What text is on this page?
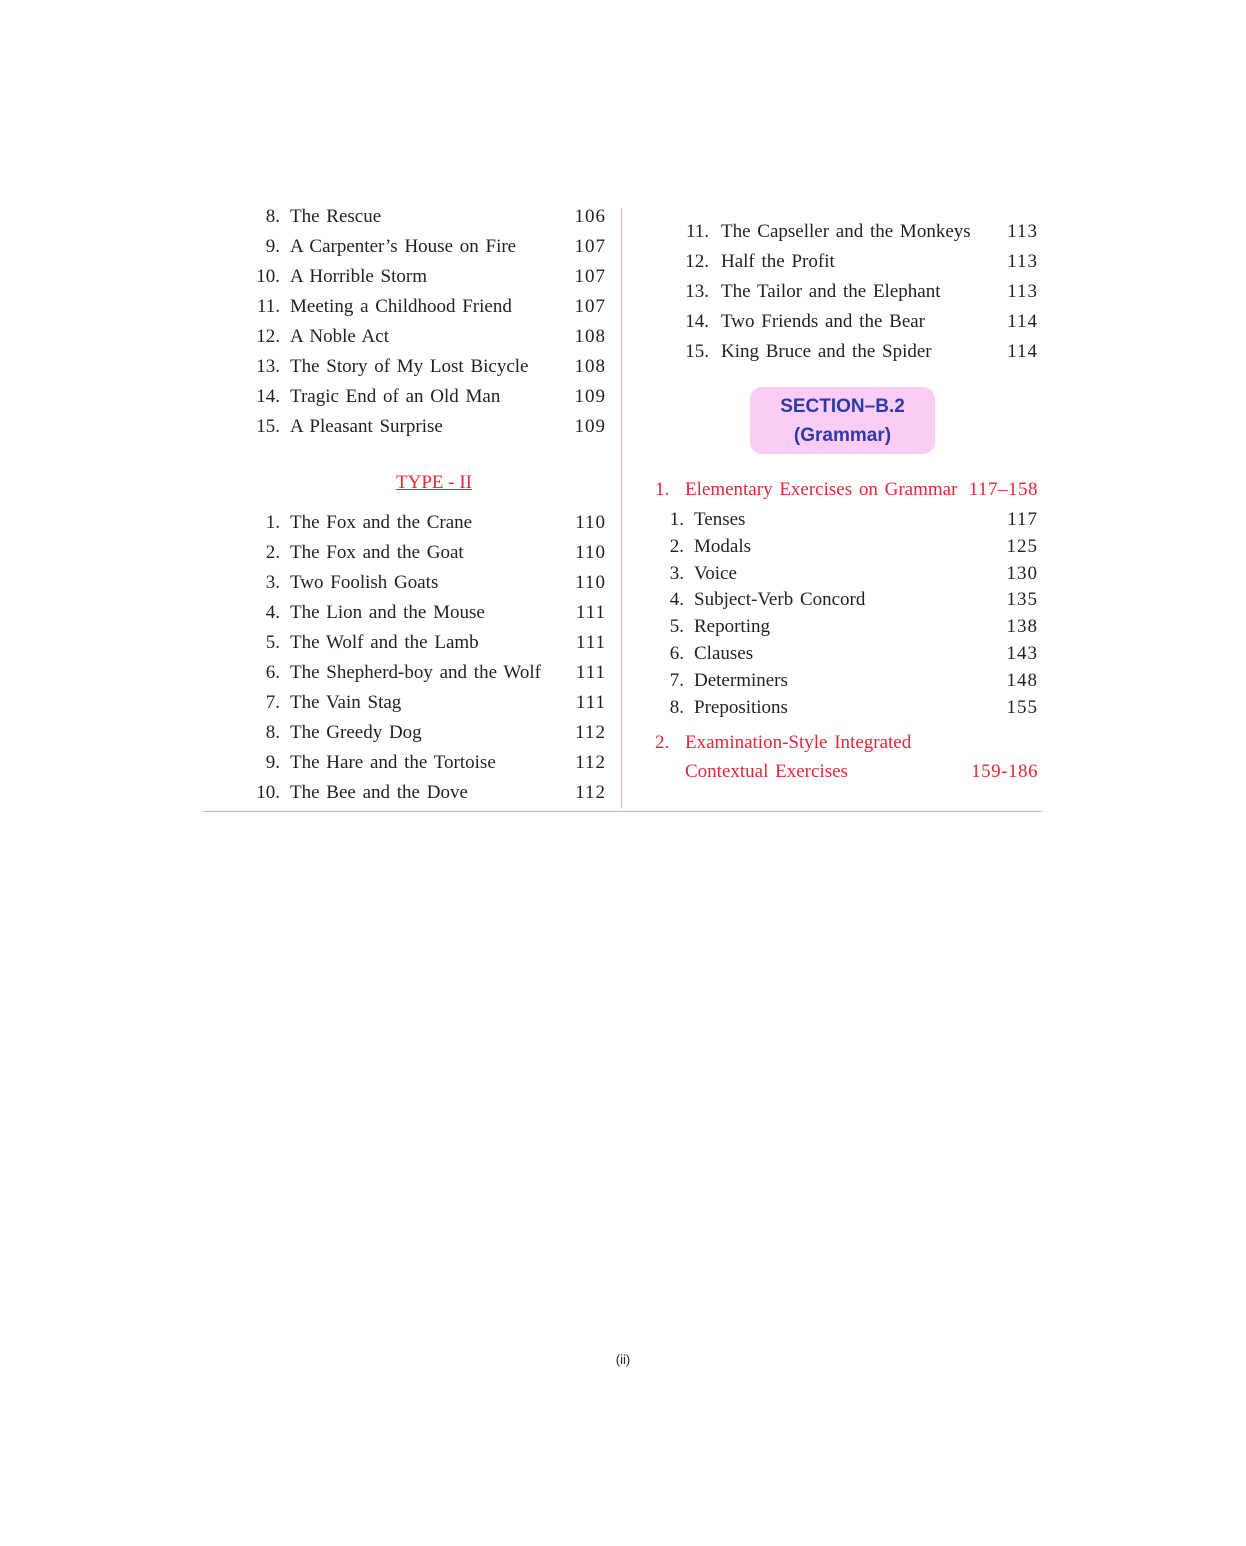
8. The Rescue	106
9. A Carpenter’s House on Fire	107
10. A Horrible Storm	107
11. Meeting a Childhood Friend	107
12. A Noble Act	108
13. The Story of My Lost Bicycle 108
14. Tragic End of an Old Man	109
15. A Pleasant Surprise	109
TYPE - II
1. The Fox and the Crane	110
2. The Fox and the Goat	110
3. Two Foolish Goats	110
4. The Lion and the Mouse	111
5. The Wolf and the Lamb	111
6. The Shepherd-boy and the Wolf 111
7. The Vain Stag	111
8. The Greedy Dog	112
9. The Hare and the Tortoise	112
10. The Bee and the Dove	112
11. The Capseller and the Monkeys 113
12. Half the Profit	113
13. The Tailor and the Elephant	113
14. Two Friends and the Bear	114
15. King Bruce and the Spider	114
SECTION–B.2
(Grammar)
1. Elementary Exercises on Grammar 117–158
1. Tenses	117
2. Modals	125
3. Voice	130
4. Subject-Verb Concord	135
5. Reporting	138
6. Clauses	143
7. Determiners	148
8. Prepositions	155
2. Examination-Style Integrated
Contextual Exercises	159-186
(ii)
